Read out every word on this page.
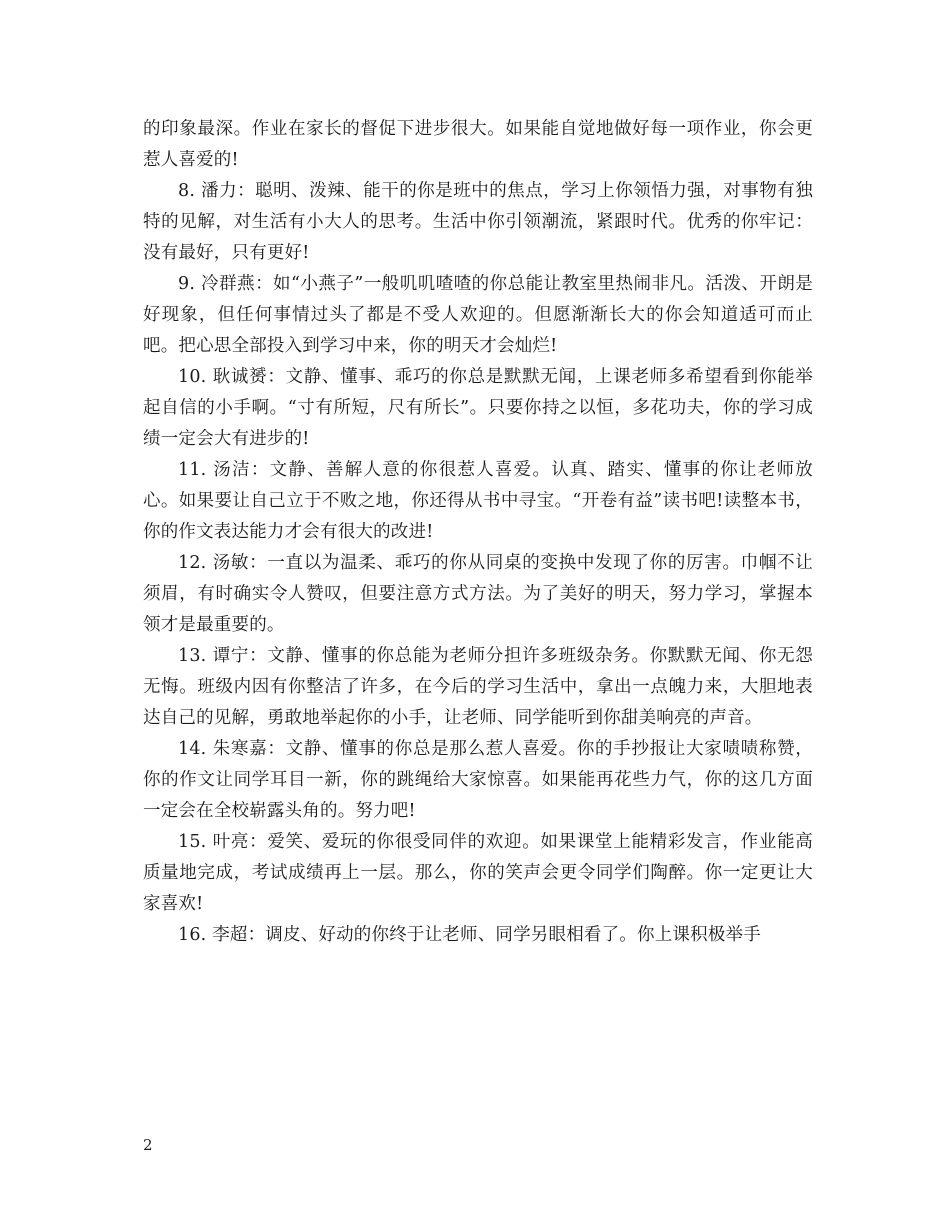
的印象最深。作业在家长的督促下进步很大。如果能自觉地做好每一项作业，你会更惹人喜爱的!

8. 潘力：聪明、泼辣、能干的你是班中的焦点，学习上你领悟力强，对事物有独特的见解，对生活有小大人的思考。生活中你引领潮流，紧跟时代。优秀的你牢记：没有最好，只有更好!

9. 冷群燕：如“小燕子”一般叽叽喳喳的你总能让教室里热闹非凡。活泼、开朗是好现象，但任何事情过头了都是不受人欢迎的。但愿渐渐长大的你会知道适可而止吧。把心思全部投入到学习中来，你的明天才会灿烂!

10. 耿诚赟：文静、懂事、乖巧的你总是默默无闻，上课老师多希望看到你能举起自信的小手啊。“寸有所短，尺有所长”。只要你持之以恒，多花功夫，你的学习成绩一定会大有进步的!

11. 汤洁：文静、善解人意的你很惹人喜爱。认真、踏实、懂事的你让老师放心。如果要让自己立于不败之地，你还得从书中寻宝。“开卷有益”读书吧!读整本书，你的作文表达能力才会有很大的改进!

12. 汤敏：一直以为温柔、乖巧的你从同桌的变换中发现了你的厉害。巾帼不让须眉，有时确实令人赞叹，但要注意方式方法。为了美好的明天，努力学习，掌握本领才是最重要的。

13. 谭宁：文静、懂事的你总能为老师分担许多班级杂务。你默默无闻、你无怨无悔。班级内因有你整洁了许多，在今后的学习生活中，拿出一点魄力来，大胆地表达自己的见解，勇敢地举起你的小手，让老师、同学能听到你甜美响亮的声音。

14. 朱寒嘉：文静、懂事的你总是那么惹人喜爱。你的手抄报让大家啧啧称赞，你的作文让同学耳目一新，你的跳绳给大家惊喜。如果能再花些力气，你的这几方面一定会在全校崭露头角的。努力吧!

15. 叶亮：爱笑、爱玩的你很受同伴的欢迎。如果课堂上能精彩发言，作业能高质量地完成，考试成绩再上一层。那么，你的笑声会更令同学们陶醉。你一定更让大家喜欢!

16. 李超：调皮、好动的你终于让老师、同学另眼相看了。你上课积极举手

2
